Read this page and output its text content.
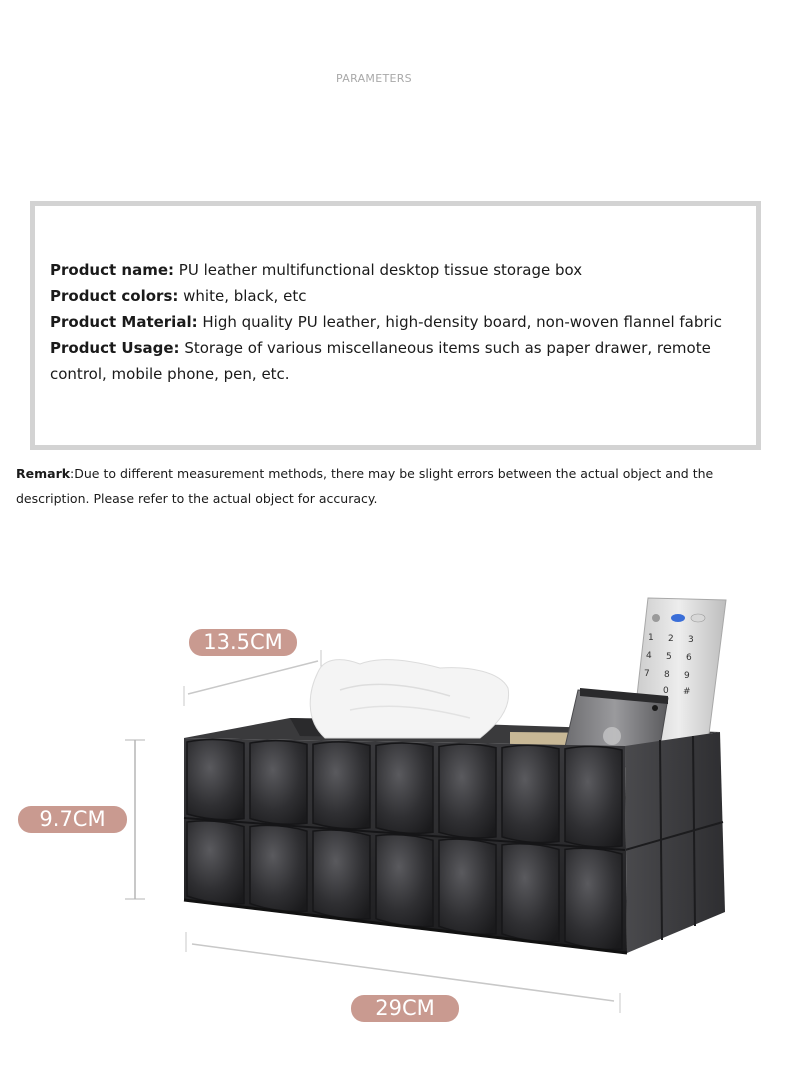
PARAMETERS

Product name: PU leather multifunctional desktop tissue storage box

Product colors: white, black, etc

Product Material: High quality PU leather, high-density board, non-woven flannel fabric

Product Usage: Storage of various miscellaneous items such as paper drawer, remote control, mobile phone, pen, etc.

Remark:Due to different measurement methods, there may be slight errors between the actual object and the description. Please refer to the actual object for accuracy.

1 2 3
4 5 6
7 8 9
0 #
13.5CM
9.7CM
29CM
